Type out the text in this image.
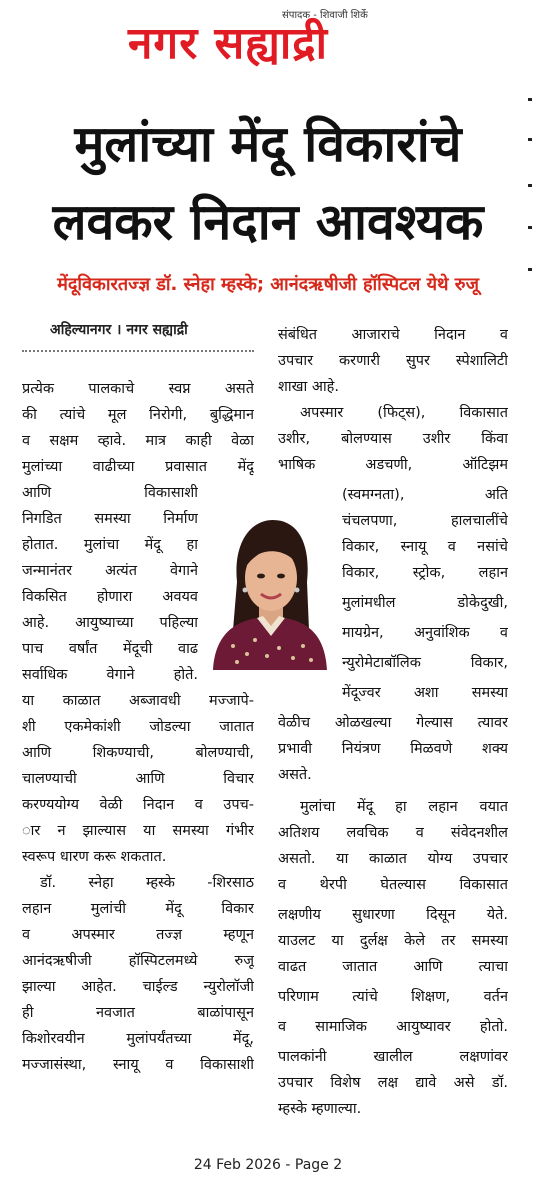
संपादक - शिवाजी शिर्के
नगर सह्याद्री
मुलांच्या मेंदू विकारांचे
लवकर निदान आवश्यक
मेंदूविकारतज्ज्ञ डॉ. स्नेहा म्हस्के; आनंदऋषीजी हॉस्पिटल येथे रुजू
अहिल्यानगर । नगर सह्याद्री
प्रत्येक पालकाचे स्वप्न असते
की त्यांचे मूल निरोगी, बुद्धिमान
व सक्षम व्हावे. मात्र काही वेळा
मुलांच्या वाढीच्या प्रवासात मेंदू
आणि विकासाशी
निगडित समस्या निर्माण
होतात. मुलांचा मेंदू हा
जन्मानंतर अत्यंत वेगाने
विकसित होणारा अवयव
आहे. आयुष्याच्या पहिल्या
पाच वर्षांत मेंदूची वाढ
सर्वाधिक वेगाने होते.
या काळात अब्जावधी मज्जापे-
शी एकमेकांशी जोडल्या जातात
आणि शिकण्याची, बोलण्याची,
चालण्याची आणि विचार
करण्ययोग्य वेळी निदान व उपच-
ार न झाल्यास या समस्या गंभीर
स्वरूप धारण करू शकतात.
डॉ. स्नेहा म्हस्के -शिरसाठ
लहान मुलांची मेंदू विकार
व अपस्मार तज्ज्ञ म्हणून
आनंदऋषीजी हॉस्पिटलमध्ये रुजू
झाल्या आहेत. चाईल्ड न्युरोलॉजी
ही नवजात बाळांपासून
किशोरवयीन मुलांपर्यंतच्या मेंदू,
मज्जासंस्था, स्नायू व विकासाशी
संबंधित आजाराचे निदान व
उपचार करणारी सुपर स्पेशालिटी
शाखा आहे.
अपस्मार (फिट्स), विकासात
उशीर, बोलण्यास उशीर किंवा
भाषिक अडचणी, ऑटिझम
(स्वमग्नता), अति
चंचलपणा, हालचालींचे
विकार, स्नायू व नसांचे
विकार, स्ट्रोक, लहान
मुलांमधील डोकेदुखी,
मायग्रेन, अनुवांशिक व
न्युरोमेटाबॉलिक विकार,
मेंदूज्वर अशा समस्या
वेळीच ओळखल्या गेल्यास त्यावर
प्रभावी नियंत्रण मिळवणे शक्य
असते.
मुलांचा मेंदू हा लहान वयात
अतिशय लवचिक व संवेदनशील
असतो. या काळात योग्य उपचार
व थेरपी घेतल्यास विकासात
लक्षणीय सुधारणा दिसून येते.
याउलट या दुर्लक्ष केले तर समस्या
वाढत जातात आणि त्याचा
परिणाम त्यांचे शिक्षण, वर्तन
व सामाजिक आयुष्यावर होतो.
पालकांनी खालील लक्षणांवर
उपचार विशेष लक्ष द्यावे असे डॉ.
म्हस्के म्हणाल्या.
24 Feb 2026 - Page 2
